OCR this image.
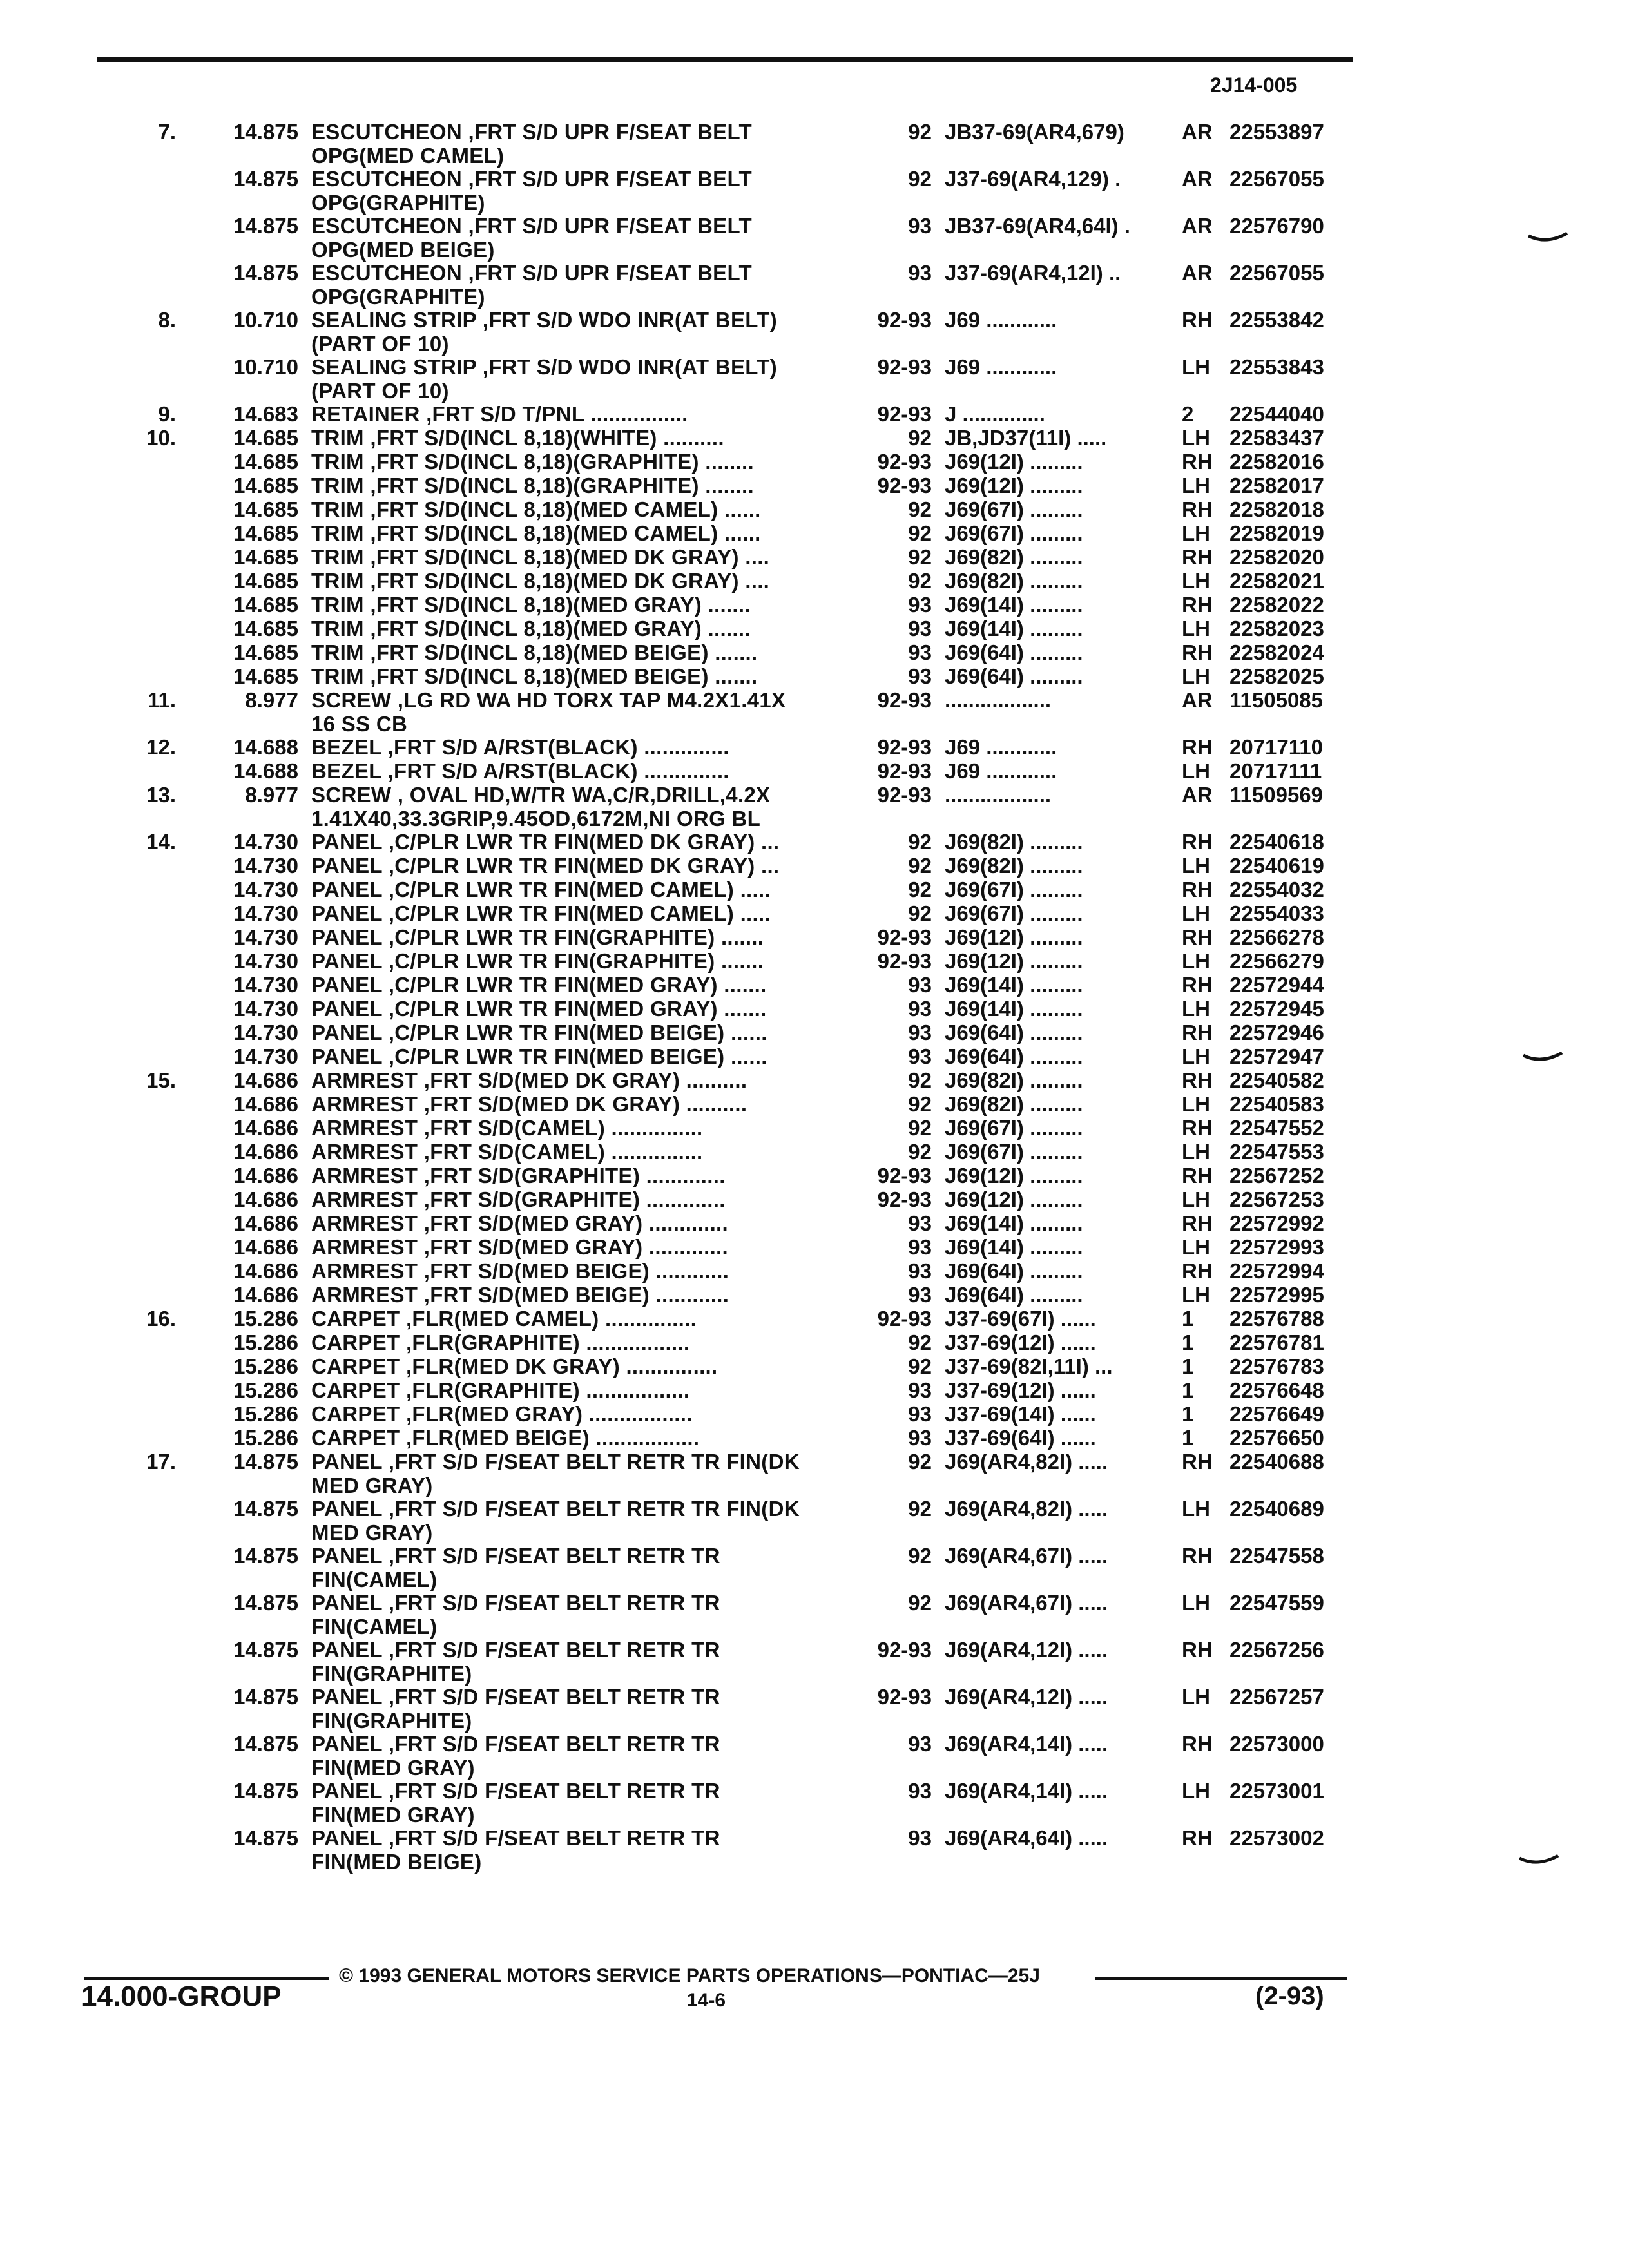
2J14-005
7.	14.875 ESCUTCHEON ,FRT S/D UPR F/SEAT BELT	92 JB37-69(AR4,679)	AR 22553897
OPG(MED CAMEL)
14.875 ESCUTCHEON ,FRT S/D UPR F/SEAT BELT	92 J37-69(AR4,129) .	AR 22567055
OPG(GRAPHITE)
14.875 ESCUTCHEON ,FRT S/D UPR F/SEAT BELT	93 JB37-69(AR4,64I) . AR 22576790
OPG(MED BEIGE)
14.875 ESCUTCHEON ,FRT S/D UPR F/SEAT BELT	93 J37-69(AR4,12I) ..	AR 22567055
OPG(GRAPHITE)
8.	10.710 SEALING STRIP ,FRT S/D WDO INR(AT BELT)	92-93 J69 ............	RH 22553842
(PART OF 10)
10.710 SEALING STRIP ,FRT S/D WDO INR(AT BELT)	92-93 J69 ............	LH 22553843
(PART OF 10)
9.	14.683 RETAINER ,FRT S/D T/PNL ................	92-93 J ..............	2 22544040
10.	14.685 TRIM ,FRT S/D(INCL 8,18)(WHITE) ..........	92 JB,JD37(11I) .....	LH 22583437
14.685 TRIM ,FRT S/D(INCL 8,18)(GRAPHITE) ........	92-93 J69(12I) .........	RH 22582016
14.685 TRIM ,FRT S/D(INCL 8,18)(GRAPHITE) ........	92-93 J69(12I) .........	LH 22582017
14.685 TRIM ,FRT S/D(INCL 8,18)(MED CAMEL) ......	92 J69(67I) .........	RH 22582018
14.685 TRIM ,FRT S/D(INCL 8,18)(MED CAMEL) ......	92 J69(67I) .........	LH 22582019
14.685 TRIM ,FRT S/D(INCL 8,18)(MED DK GRAY) ....	92 J69(82I) .........	RH 22582020
14.685 TRIM ,FRT S/D(INCL 8,18)(MED DK GRAY) ....	92 J69(82I) .........	LH 22582021
14.685 TRIM ,FRT S/D(INCL 8,18)(MED GRAY) .......	93 J69(14I) .........	RH 22582022
14.685 TRIM ,FRT S/D(INCL 8,18)(MED GRAY) .......	93 J69(14I) .........	LH 22582023
14.685 TRIM ,FRT S/D(INCL 8,18)(MED BEIGE) .......	93 J69(64I) .........	RH 22582024
14.685 TRIM ,FRT S/D(INCL 8,18)(MED BEIGE) .......	93 J69(64I) .........	LH 22582025
11.	8.977 SCREW ,LG RD WA HD TORX TAP M4.2X1.41X	92-93 ..................	AR 11505085
16 SS CB
12.	14.688 BEZEL ,FRT S/D A/RST(BLACK) ..............	92-93 J69 ............	RH 20717110
14.688 BEZEL ,FRT S/D A/RST(BLACK) ..............	92-93 J69 ............	LH 20717111
13.	8.977 SCREW , OVAL HD,W/TR WA,C/R,DRILL,4.2X	92-93 ..................	AR 11509569
1.41X40,33.3GRIP,9.45OD,6172M,NI ORG BL
14.	14.730 PANEL ,C/PLR LWR TR FIN(MED DK GRAY) ...	92 J69(82I) .........	RH 22540618
14.730 PANEL ,C/PLR LWR TR FIN(MED DK GRAY) ...	92 J69(82I) .........	LH 22540619
14.730 PANEL ,C/PLR LWR TR FIN(MED CAMEL) .....	92 J69(67I) .........	RH 22554032
14.730 PANEL ,C/PLR LWR TR FIN(MED CAMEL) .....	92 J69(67I) .........	LH 22554033
14.730 PANEL ,C/PLR LWR TR FIN(GRAPHITE) .......	92-93 J69(12I) .........	RH 22566278
14.730 PANEL ,C/PLR LWR TR FIN(GRAPHITE) .......	92-93 J69(12I) .........	LH 22566279
14.730 PANEL ,C/PLR LWR TR FIN(MED GRAY) .......	93 J69(14I) .........	RH 22572944
14.730 PANEL ,C/PLR LWR TR FIN(MED GRAY) .......	93 J69(14I) .........	LH 22572945
14.730 PANEL ,C/PLR LWR TR FIN(MED BEIGE) ......	93 J69(64I) .........	RH 22572946
14.730 PANEL ,C/PLR LWR TR FIN(MED BEIGE) ......	93 J69(64I) .........	LH 22572947
15.	14.686 ARMREST ,FRT S/D(MED DK GRAY) ..........	92 J69(82I) .........	RH 22540582
14.686 ARMREST ,FRT S/D(MED DK GRAY) ..........	92 J69(82I) .........	LH 22540583
14.686 ARMREST ,FRT S/D(CAMEL) ...............	92 J69(67I) .........	RH 22547552
14.686 ARMREST ,FRT S/D(CAMEL) ...............	92 J69(67I) .........	LH 22547553
14.686 ARMREST ,FRT S/D(GRAPHITE) .............	92-93 J69(12I) .........	RH 22567252
14.686 ARMREST ,FRT S/D(GRAPHITE) .............	92-93 J69(12I) .........	LH 22567253
14.686 ARMREST ,FRT S/D(MED GRAY) .............	93 J69(14I) .........	RH 22572992
14.686 ARMREST ,FRT S/D(MED GRAY) .............	93 J69(14I) .........	LH 22572993
14.686 ARMREST ,FRT S/D(MED BEIGE) ............	93 J69(64I) .........	RH 22572994
14.686 ARMREST ,FRT S/D(MED BEIGE) ............	93 J69(64I) .........	LH 22572995
16.	15.286 CARPET ,FLR(MED CAMEL) ...............	92-93 J37-69(67I) ......	1 22576788
15.286 CARPET ,FLR(GRAPHITE) .................	92 J37-69(12I) ......	1 22576781
15.286 CARPET ,FLR(MED DK GRAY) ...............	92 J37-69(82I,11I) ...	1 22576783
15.286 CARPET ,FLR(GRAPHITE) .................	93 J37-69(12I) ......	1 22576648
15.286 CARPET ,FLR(MED GRAY) .................	93 J37-69(14I) ......	1 22576649
15.286 CARPET ,FLR(MED BEIGE) .................	93 J37-69(64I) ......	1 22576650
17.	14.875 PANEL ,FRT S/D F/SEAT BELT RETR TR FIN(DK	92 J69(AR4,82I) .....	RH 22540688
MED GRAY)
14.875 PANEL ,FRT S/D F/SEAT BELT RETR TR FIN(DK	92 J69(AR4,82I) .....	LH 22540689
MED GRAY)
14.875 PANEL ,FRT S/D F/SEAT BELT RETR TR	92 J69(AR4,67I) .....	RH 22547558
FIN(CAMEL)
14.875 PANEL ,FRT S/D F/SEAT BELT RETR TR	92 J69(AR4,67I) .....	LH 22547559
FIN(CAMEL)
14.875 PANEL ,FRT S/D F/SEAT BELT RETR TR	92-93 J69(AR4,12I) .....	RH 22567256
FIN(GRAPHITE)
14.875 PANEL ,FRT S/D F/SEAT BELT RETR TR	92-93 J69(AR4,12I) .....	LH 22567257
FIN(GRAPHITE)
14.875 PANEL ,FRT S/D F/SEAT BELT RETR TR	93 J69(AR4,14I) .....	RH 22573000
FIN(MED GRAY)
14.875 PANEL ,FRT S/D F/SEAT BELT RETR TR	93 J69(AR4,14I) .....	LH 22573001
FIN(MED GRAY)
14.875 PANEL ,FRT S/D F/SEAT BELT RETR TR	93 J69(AR4,64I) .....	RH 22573002
FIN(MED BEIGE)
14.000-GROUP
© 1993 GENERAL MOTORS SERVICE PARTS OPERATIONS—PONTIAC—25J
14-6	(2-93)
